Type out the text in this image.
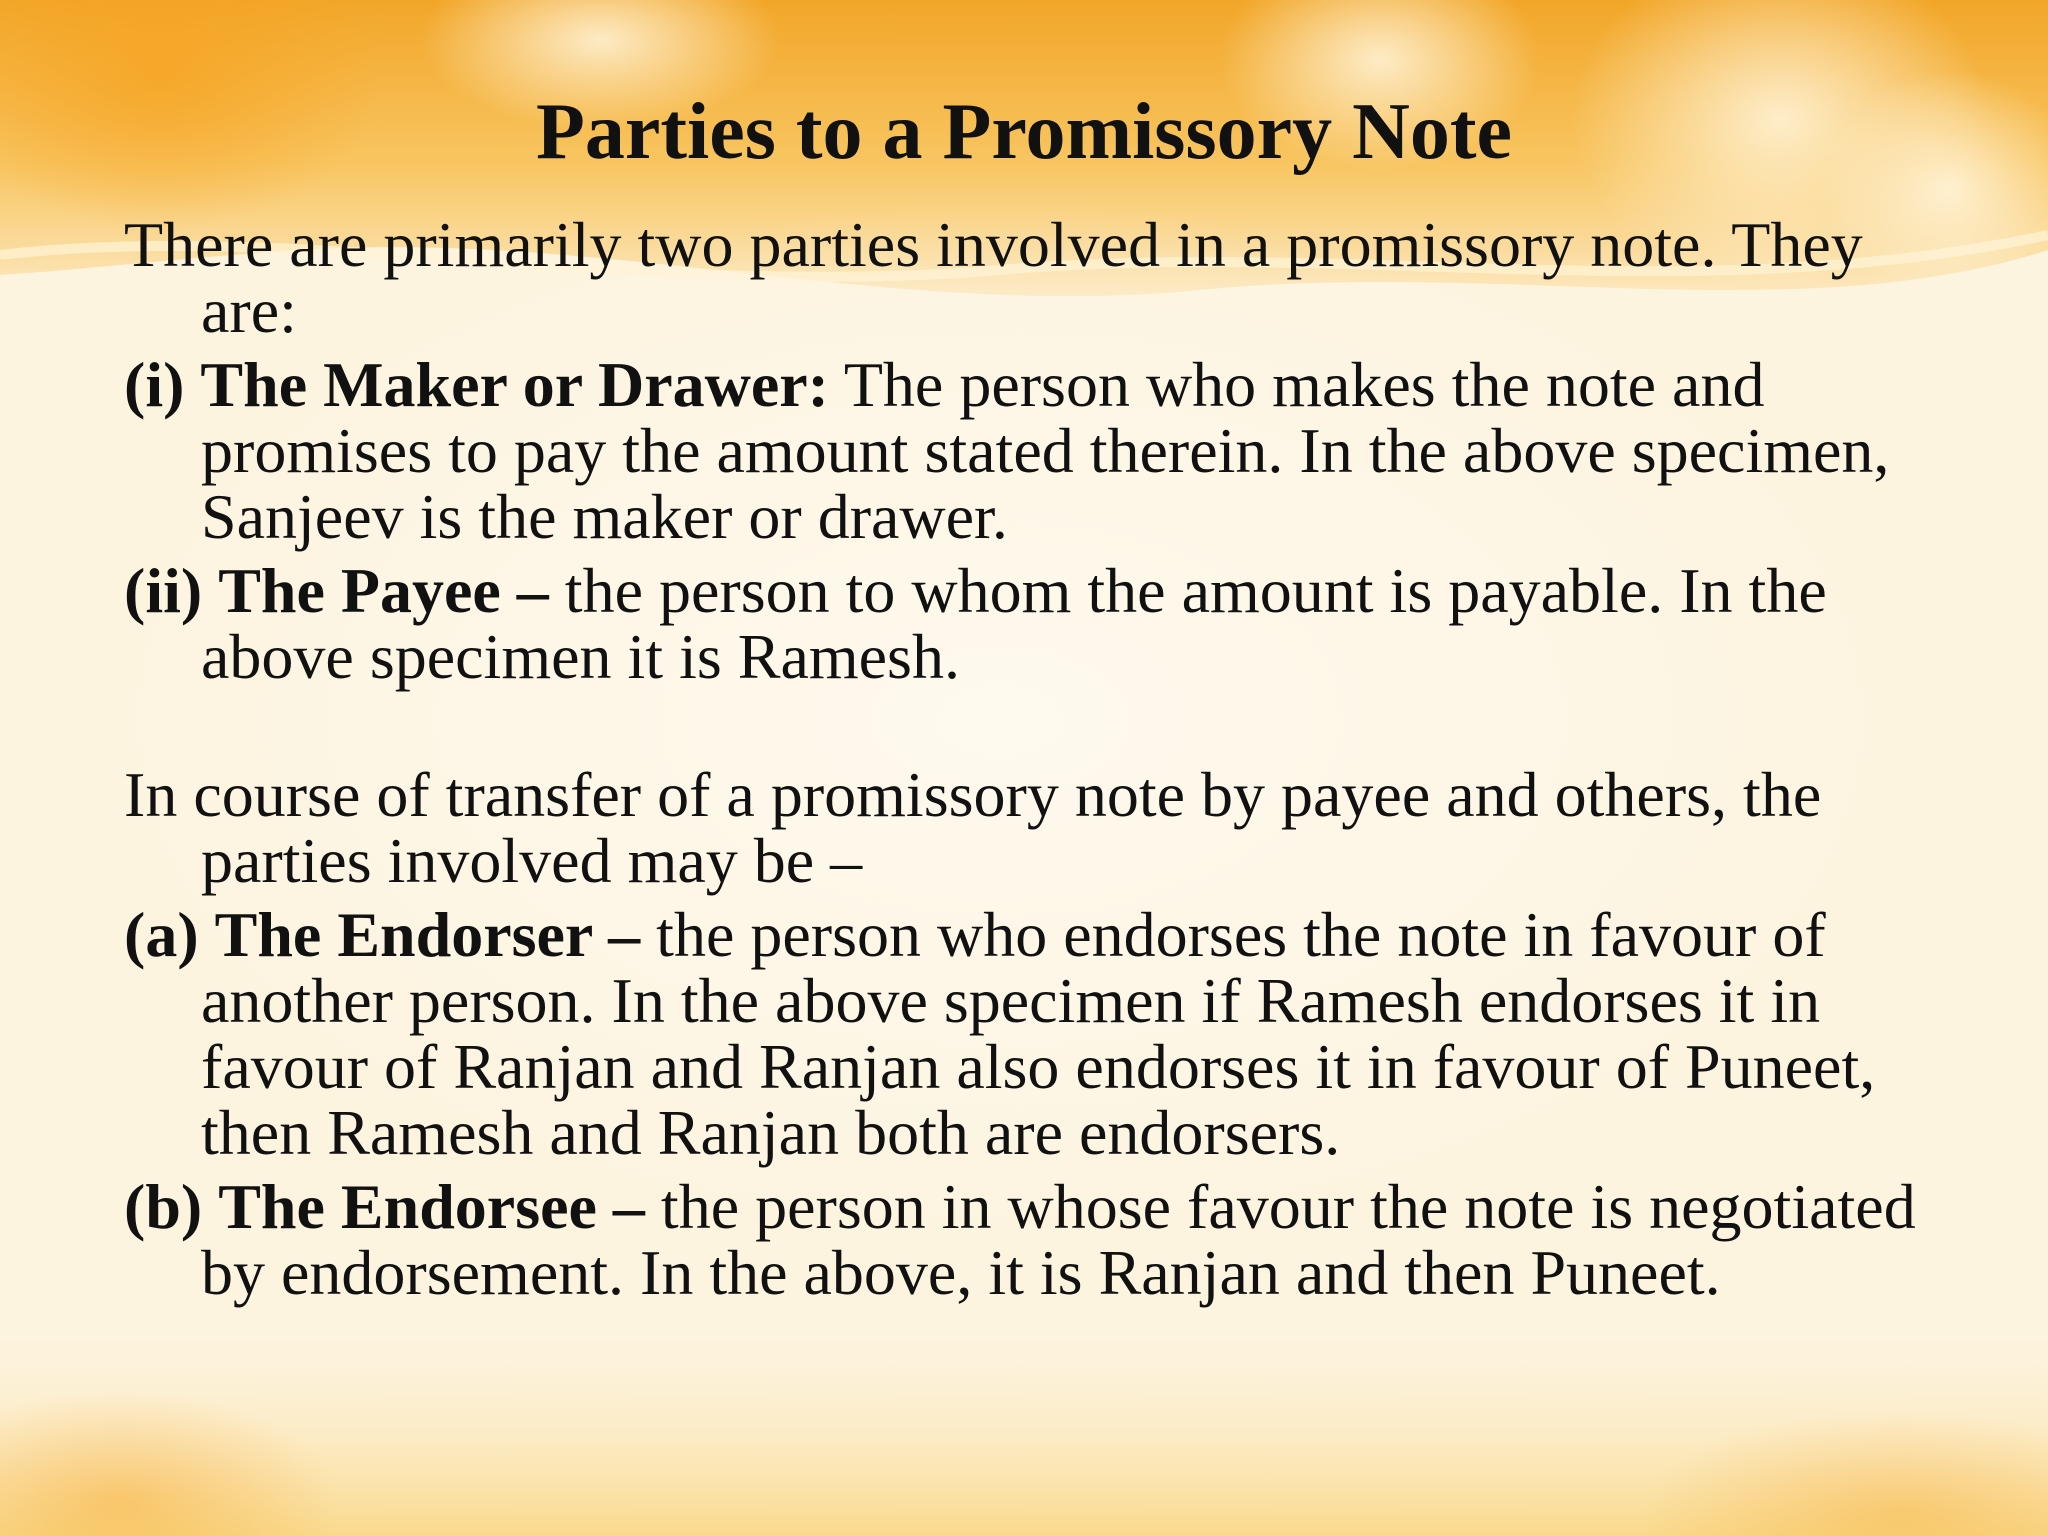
Parties to a Promissory Note

There are primarily two parties involved in a promissory note. They are:

(i) The Maker or Drawer: The person who makes the note and promises to pay the amount stated therein. In the above specimen, Sanjeev is the maker or drawer.

(ii) The Payee – the person to whom the amount is payable. In the above specimen it is Ramesh.

In course of transfer of a promissory note by payee and others, the parties involved may be –

(a) The Endorser – the person who endorses the note in favour of another person. In the above specimen if Ramesh endorses it in favour of Ranjan and Ranjan also endorses it in favour of Puneet, then Ramesh and Ranjan both are endorsers.

(b) The Endorsee – the person in whose favour the note is negotiated by endorsement. In the above, it is Ranjan and then Puneet.
